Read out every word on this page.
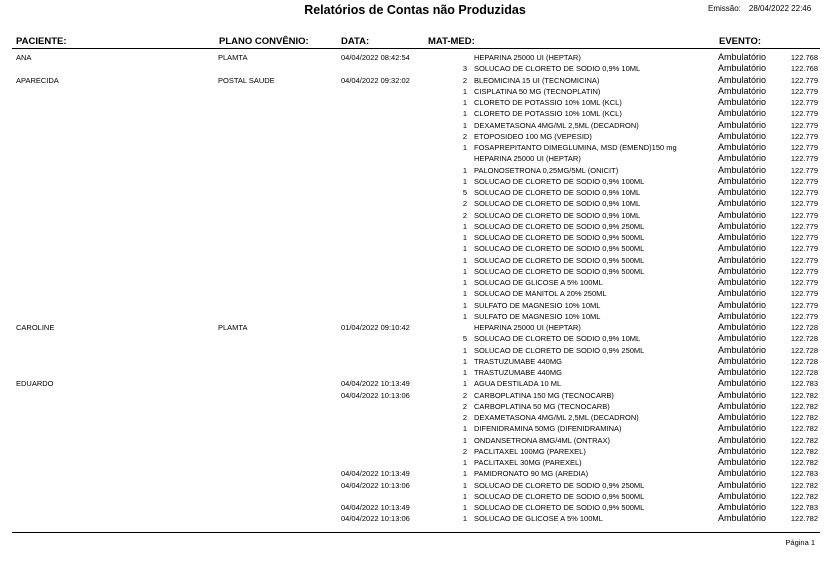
Relatórios de Contas não Produzidas	Emissão: 28/04/2022 22:46
PACIENTE:	PLANO CONVÊNIO:	DATA:	MAT-MED:	EVENTO:
ANA	PLAMTA	04/04/2022 08:42:54	HEPARINA 25000 UI (HEPTAR)	Ambulatório	122.768
3 SOLUCAO DE CLORETO DE SODIO 0,9% 10ML	Ambulatório	122.768
APARECIDA	POSTAL SAUDE	04/04/2022 09:32:02	2 BLEOMICINA 15 UI (TECNOMICINA)	Ambulatório	122.779
1 CISPLATINA 50 MG (TECNOPLATIN)	Ambulatório	122.779
1 CLORETO DE POTASSIO 10% 10ML (KCL)	Ambulatório	122.779
1 CLORETO DE POTASSIO 10% 10ML (KCL)	Ambulatório	122.779
1 DEXAMETASONA 4MG/ML 2,5ML (DECADRON)	Ambulatório	122.779
2 ETOPOSIDEO 100 MG (VEPESID)	Ambulatório	122.779
1 FOSAPREPITANTO DIMEGLUMINA, MSD (EMEND)150 mg	Ambulatório	122.779
HEPARINA 25000 UI (HEPTAR)	Ambulatório	122.779
1 PALONOSETRONA 0,25MG/5ML (ONICIT)	Ambulatório	122.779
1 SOLUCAO DE CLORETO DE SODIO 0,9% 100ML	Ambulatório	122.779
5 SOLUCAO DE CLORETO DE SODIO 0,9% 10ML	Ambulatório	122.779
2 SOLUCAO DE CLORETO DE SODIO 0,9% 10ML	Ambulatório	122.779
2 SOLUCAO DE CLORETO DE SODIO 0,9% 10ML	Ambulatório	122.779
1 SOLUCAO DE CLORETO DE SODIO 0,9% 250ML	Ambulatório	122.779
1 SOLUCAO DE CLORETO DE SODIO 0,9% 500ML	Ambulatório	122.779
1 SOLUCAO DE CLORETO DE SODIO 0,9% 500ML	Ambulatório	122.779
1 SOLUCAO DE CLORETO DE SODIO 0,9% 500ML	Ambulatório	122.779
1 SOLUCAO DE CLORETO DE SODIO 0,9% 500ML	Ambulatório	122.779
1 SOLUCAO DE GLICOSE A 5% 100ML	Ambulatório	122.779
1 SOLUCAO DE MANITOL A 20% 250ML	Ambulatório	122.779
1 SULFATO DE MAGNESIO 10% 10ML	Ambulatório	122.779
1 SULFATO DE MAGNESIO 10% 10ML	Ambulatório	122.779
CAROLINE	PLAMTA	01/04/2022 09:10:42	HEPARINA 25000 UI (HEPTAR)	Ambulatório	122.728
5 SOLUCAO DE CLORETO DE SODIO 0,9% 10ML	Ambulatório	122.728
1 SOLUCAO DE CLORETO DE SODIO 0,9% 250ML	Ambulatório	122.728
1 TRASTUZUMABE 440MG	Ambulatório	122.728
1 TRASTUZUMABE 440MG	Ambulatório	122.728
EDUARDO	04/04/2022 10:13:49	1 AGUA DESTILADA 10 ML	Ambulatório	122.783
04/04/2022 10:13:06	2 CARBOPLATINA 150 MG (TECNOCARB)	Ambulatório	122.782
2 CARBOPLATINA 50 MG (TECNOCARB)	Ambulatório	122.782
2 DEXAMETASONA 4MG/ML 2,5ML (DECADRON)	Ambulatório	122.782
1 DIFENIDRAMINA 50MG (DIFENIDRAMINA)	Ambulatório	122.782
1 ONDANSETRONA 8MG/4ML (ONTRAX)	Ambulatório	122.782
2 PACLITAXEL 100MG (PAREXEL)	Ambulatório	122.782
1 PACLITAXEL 30MG (PAREXEL)	Ambulatório	122.782
04/04/2022 10:13:49	1 PAMIDRONATO 90 MG (AREDIA)	Ambulatório	122.783
04/04/2022 10:13:06	1 SOLUCAO DE CLORETO DE SODIO 0,9% 250ML	Ambulatório	122.782
1 SOLUCAO DE CLORETO DE SODIO 0,9% 500ML	Ambulatório	122.782
04/04/2022 10:13:49	1 SOLUCAO DE CLORETO DE SODIO 0,9% 500ML	Ambulatório	122.783
04/04/2022 10:13:06	1 SOLUCAO DE GLICOSE A 5% 100ML	Ambulatório	122.782
Página 1
